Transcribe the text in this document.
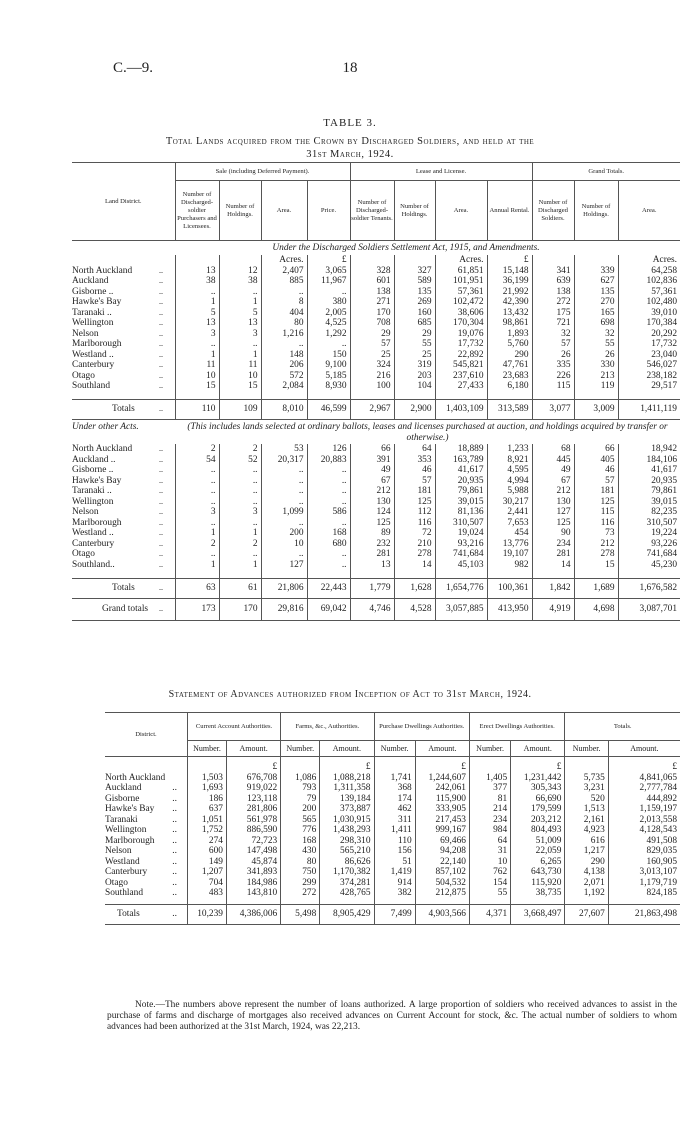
C.—9.	18
TABLE 3.
Total Lands acquired from the Crown by Discharged Soldiers, and held at the
31st March, 1924.
Land District.		Sale (including Deferred Payment).				Lease and License.				Grand Totals.		
		Number of Discharged-soldier Purchasers and Licensees.	Number of Holdings.	Area.	Price.	Number of Discharged-soldier Tenants.	Number of Holdings.	Area.	Annual Rental.	Number of Discharged Soldiers.	Number of Holdings.	Area.
Under the Discharged Soldiers Settlement Act, 1915, and Amendments.												
				Acres.	£			Acres.	£			Acres.
North Auckland	..	13	12	2,407	3,065	328	327	61,851	15,148	341	339	64,258
Auckland	..	38	38	885	11,967	601	589	101,951	36,199	639	627	102,836
Gisborne ..	..	..	..	..	..	138	135	57,361	21,992	138	135	57,361
Hawke's Bay	..	1	1	8	380	271	269	102,472	42,390	272	270	102,480
Taranaki ..	..	5	5	404	2,005	170	160	38,606	13,432	175	165	39,010
Wellington	..	13	13	80	4,525	708	685	170,304	98,861	721	698	170,384
Nelson	..	3	3	1,216	1,292	29	29	19,076	1,893	32	32	20,292
Marlborough	..	..	..	..	..	57	55	17,732	5,760	57	55	17,732
Westland ..	..	1	1	148	150	25	25	22,892	290	26	26	23,040
Canterbury	..	11	11	206	9,100	324	319	545,821	47,761	335	330	546,027
Otago	..	10	10	572	5,185	216	203	237,610	23,683	226	213	238,182
Southland	..	15	15	2,084	8,930	100	104	27,433	6,180	115	119	29,517

Totals	..	110	109	8,010	46,599	2,967	2,900	1,403,109	313,589	3,077	3,009	1,411,119
Under other Acts.		(This includes lands selected at ordinary ballots, leases and licenses purchased at auction, and holdings acquired by transfer or otherwise.)										
North Auckland	..	2	2	53	126	66	64	18,889	1,233	68	66	18,942
Auckland ..	..	54	52	20,317	20,883	391	353	163,789	8,921	445	405	184,106
Gisborne ..	..	..	..	..	..	49	46	41,617	4,595	49	46	41,617
Hawke's Bay	..	..	..	..	..	67	57	20,935	4,994	67	57	20,935
Taranaki ..	..	..	..	..	..	212	181	79,861	5,988	212	181	79,861
Wellington	..	..	..	..	..	130	125	39,015	30,217	130	125	39,015
Nelson	..	3	3	1,099	586	124	112	81,136	2,441	127	115	82,235
Marlborough	..	..	..	..	..	125	116	310,507	7,653	125	116	310,507
Westland ..	..	1	1	200	168	89	72	19,024	454	90	73	19,224
Canterbury	..	2	2	10	680	232	210	93,216	13,776	234	212	93,226
Otago	..	..	..	..	..	281	278	741,684	19,107	281	278	741,684
Southland..	..	1	1	127	..	13	14	45,103	982	14	15	45,230

Totals	..	63	61	21,806	22,443	1,779	1,628	1,654,776	100,361	1,842	1,689	1,676,582
Grand totals	..	173	170	29,816	69,042	4,746	4,528	3,057,885	413,950	4,919	4,698	3,087,701
Statement of Advances authorized from Inception of Act to 31st March, 1924.
District.		Current Account Authorities.		Farms, &c., Authorities.		Purchase Dwellings Authorities.		Erect Dwellings Authorities.		Totals.	
		Number.	Amount.	Number.	Amount.	Number.	Amount.	Number.	Amount.	Number.	Amount.
			£		£		£		£		£
North Auckland		1,503	676,708	1,086	1,088,218	1,741	1,244,607	1,405	1,231,442	5,735	4,841,065
Auckland	..	1,693	919,022	793	1,311,358	368	242,061	377	305,343	3,231	2,777,784
Gisborne	..	186	123,118	79	139,184	174	115,900	81	66,690	520	444,892
Hawke's Bay	..	637	281,806	200	373,887	462	333,905	214	179,599	1,513	1,159,197
Taranaki	..	1,051	561,978	565	1,030,915	311	217,453	234	203,212	2,161	2,013,558
Wellington	..	1,752	886,590	776	1,438,293	1,411	999,167	984	804,493	4,923	4,128,543
Marlborough	..	274	72,723	168	298,310	110	69,466	64	51,009	616	491,508
Nelson	..	600	147,498	430	565,210	156	94,208	31	22,059	1,217	829,035
Westland	..	149	45,874	80	86,626	51	22,140	10	6,265	290	160,905
Canterbury	..	1,207	341,893	750	1,170,382	1,419	857,102	762	643,730	4,138	3,013,107
Otago	..	704	184,986	299	374,281	914	504,532	154	115,920	2,071	1,179,719
Southland	..	483	143,810	272	428,765	382	212,875	55	38,735	1,192	824,185

Totals	..	10,239	4,386,006	5,498	8,905,429	7,499	4,903,566	4,371	3,668,497	27,607	21,863,498
Note.—The numbers above represent the number of loans authorized. A large proportion of soldiers who received advances to assist in the purchase of farms and discharge of mortgages also received advances on Current Account for stock, &c. The actual number of soldiers to whom advances had been authorized at the 31st March, 1924, was 22,213.
